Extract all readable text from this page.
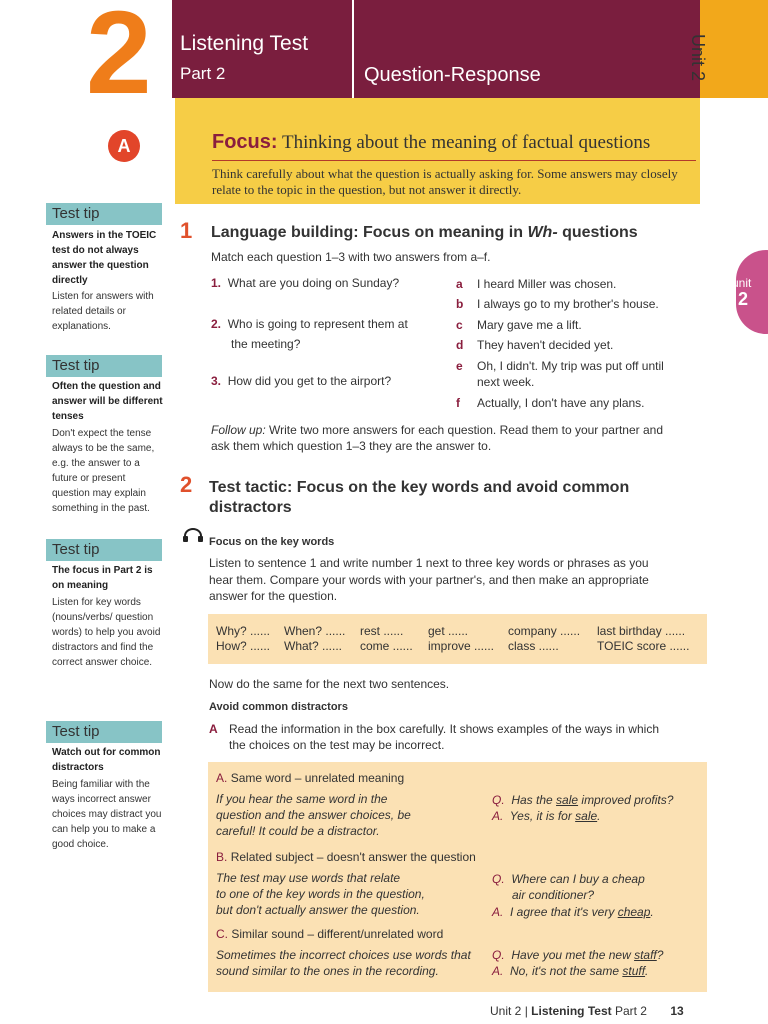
2 Listening Test
Part 2	Question-Response	Unit 2
A	Focus: Thinking about the meaning of factual questions
Think carefully about what the question is actually asking for. Some answers may closely relate to the topic in the question, but not answer it directly.
unit
2
Test tip
Answers in the TOEIC test do not always answer the question directly
Listen for answers with related details or explanations.
Test tip
Often the question and answer will be different tenses
Don't expect the tense always to be the same, e.g. the answer to a future or present question may explain something in the past.
Test tip
The focus in Part 2 is on meaning
Listen for key words (nouns/verbs/ question words) to help you avoid distractors and find the correct answer choice.
Test tip
Watch out for common distractors
Being familiar with the ways incorrect answer choices may distract you can help you to make a good choice.
1 Language building: Focus on meaning in Wh- questions
Match each question 1–3 with two answers from a–f.
1. What are you doing on Sunday?
2. Who is going to represent them at
the meeting?
3. How did you get to the airport?
a I heard Miller was chosen.
b I always go to my brother's house.
c Mary gave me a lift.
d They haven't decided yet.
e Oh, I didn't. My trip was put off until
next week.
f Actually, I don't have any plans.
Follow up: Write two more answers for each question. Read them to your partner and
ask them which question 1–3 they are the answer to.
2 Test tactic: Focus on the key words and avoid common
distractors
Focus on the key words
Listen to sentence 1 and write number 1 next to three key words or phrases as you
hear them. Compare your words with your partner's, and then make an appropriate
answer for the question.
Why? ...... When? ...... rest ...... get ......	company ...... last birthday ......
How? ...... What? ...... come ...... improve ...... class ......	TOEIC score ......
Now do the same for the next two sentences.
Avoid common distractors
A Read the information in the box carefully. It shows examples of the ways in which
the choices on the test may be incorrect.
A. Same word – unrelated meaning
If you hear the same word in the
question and the answer choices, be
careful! It could be a distractor.
Q. Has the sale improved profits?
A. Yes, it is for sale.
B. Related subject – doesn't answer the question
The test may use words that relate
to one of the key words in the question,
but don't actually answer the question.
Q. Where can I buy a cheap
air conditioner?
A. I agree that it's very cheap.
C. Similar sound – different/unrelated word
Sometimes the incorrect choices use words that
sound similar to the ones in the recording.
Q. Have you met the new staff?
A. No, it's not the same stuff.
Unit 2 | Listening Test Part 2 13
